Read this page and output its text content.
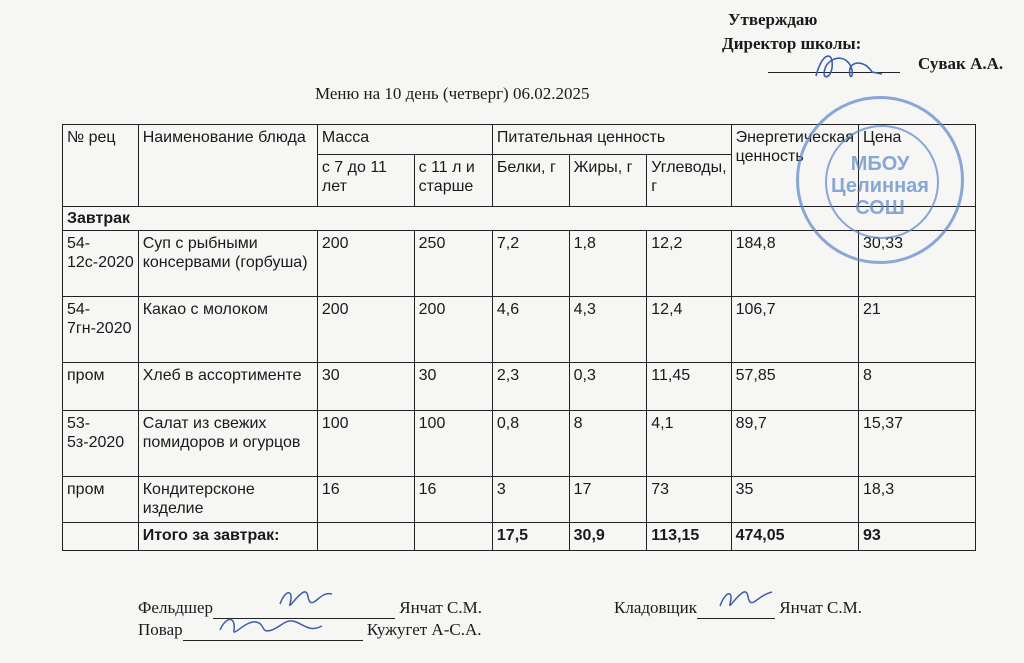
Утверждаю
Директор школы:
Сувак А.А.
Меню на 10 день (четверг) 06.02.2025
№ рец	Наименование блюда	Масса		Питательная ценность			Энергетическая ценность	Цена
		с 7 до 11 лет	с 11 л и старше	Белки, г	Жиры, г	Углеводы, г		
Завтрак								
54-12с-2020	Суп с рыбными консервами (горбуша)	200	250	7,2	1,8	12,2	184,8	30,33
54-7гн-2020	Какао с молоком	200	200	4,6	4,3	12,4	106,7	21
пром	Хлеб в ассортименте	30	30	2,3	0,3	11,45	57,85	8
53-5з-2020	Салат из свежих помидоров и огурцов	100	100	0,8	8	4,1	89,7	15,37
пром	Кондитерсконе изделие	16	16	3	17	73	35	18,3
	Итого за завтрак:			17,5	30,9	113,15	474,05	93
МБОУ
Целинная
СОШ
Фельдшер	Янчат С.М.	Кладовщик	Янчат С.М.
Повар	Кужугет А-С.А.
